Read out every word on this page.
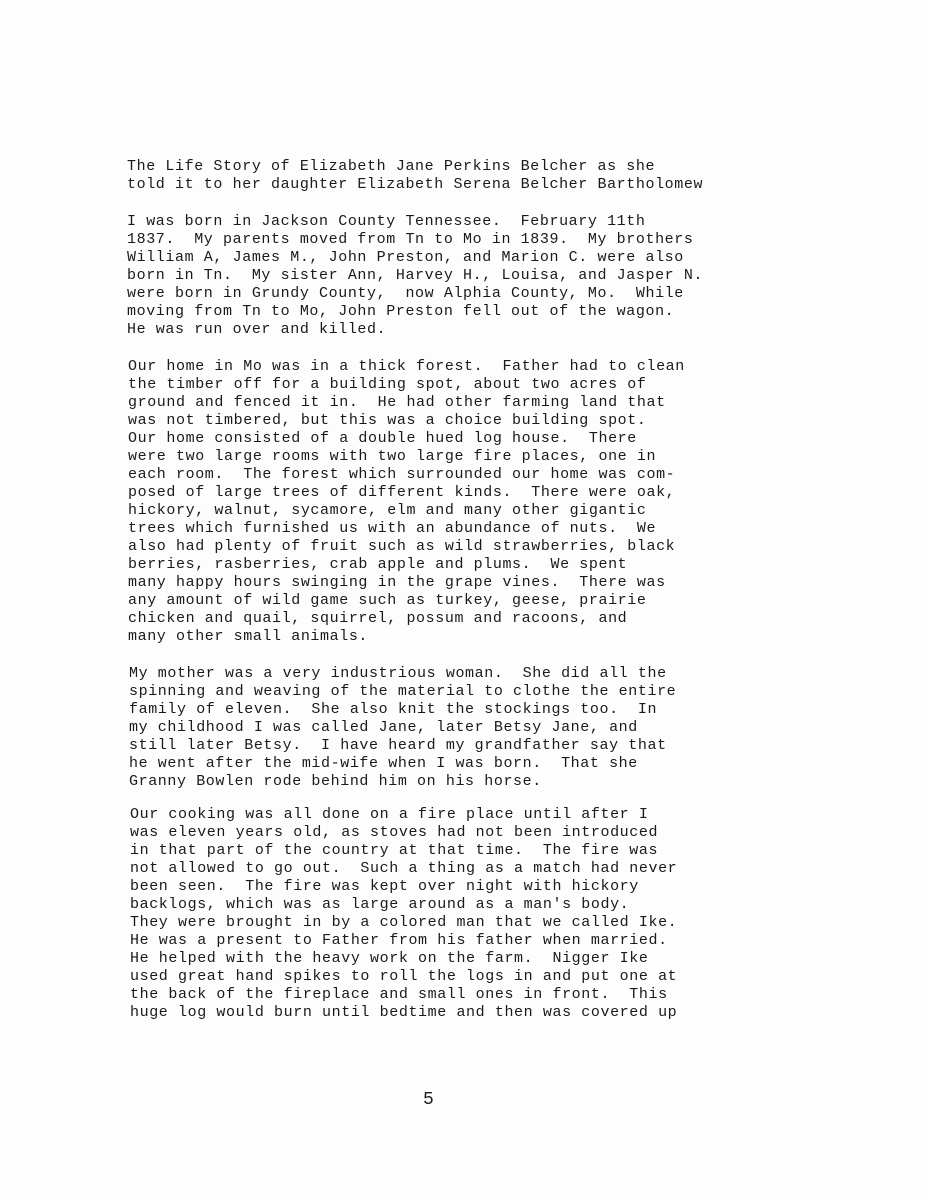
The Life Story of Elizabeth Jane Perkins Belcher as she
told it to her daughter Elizabeth Serena Belcher Bartholomew
I was born in Jackson County Tennessee.  February 11th
1837.  My parents moved from Tn to Mo in 1839.  My brothers
William A, James M., John Preston, and Marion C. were also
born in Tn.  My sister Ann, Harvey H., Louisa, and Jasper N.
were born in Grundy County,  now Alphia County, Mo.  While
moving from Tn to Mo, John Preston fell out of the wagon.
He was run over and killed.
Our home in Mo was in a thick forest.  Father had to clean
the timber off for a building spot, about two acres of
ground and fenced it in.  He had other farming land that
was not timbered, but this was a choice building spot.
Our home consisted of a double hued log house.  There
were two large rooms with two large fire places, one in
each room.  The forest which surrounded our home was com-
posed of large trees of different kinds.  There were oak,
hickory, walnut, sycamore, elm and many other gigantic
trees which furnished us with an abundance of nuts.  We
also had plenty of fruit such as wild strawberries, black
berries, rasberries, crab apple and plums.  We spent
many happy hours swinging in the grape vines.  There was
any amount of wild game such as turkey, geese, prairie
chicken and quail, squirrel, possum and racoons, and
many other small animals.
My mother was a very industrious woman.  She did all the
spinning and weaving of the material to clothe the entire
family of eleven.  She also knit the stockings too.  In
my childhood I was called Jane, later Betsy Jane, and
still later Betsy.  I have heard my grandfather say that
he went after the mid-wife when I was born.  That she
Granny Bowlen rode behind him on his horse.
Our cooking was all done on a fire place until after I
was eleven years old, as stoves had not been introduced
in that part of the country at that time.  The fire was
not allowed to go out.  Such a thing as a match had never
been seen.  The fire was kept over night with hickory
backlogs, which was as large around as a man's body.
They were brought in by a colored man that we called Ike.
He was a present to Father from his father when married.
He helped with the heavy work on the farm.  Nigger Ike
used great hand spikes to roll the logs in and put one at
the back of the fireplace and small ones in front.  This
huge log would burn until bedtime and then was covered up
5
